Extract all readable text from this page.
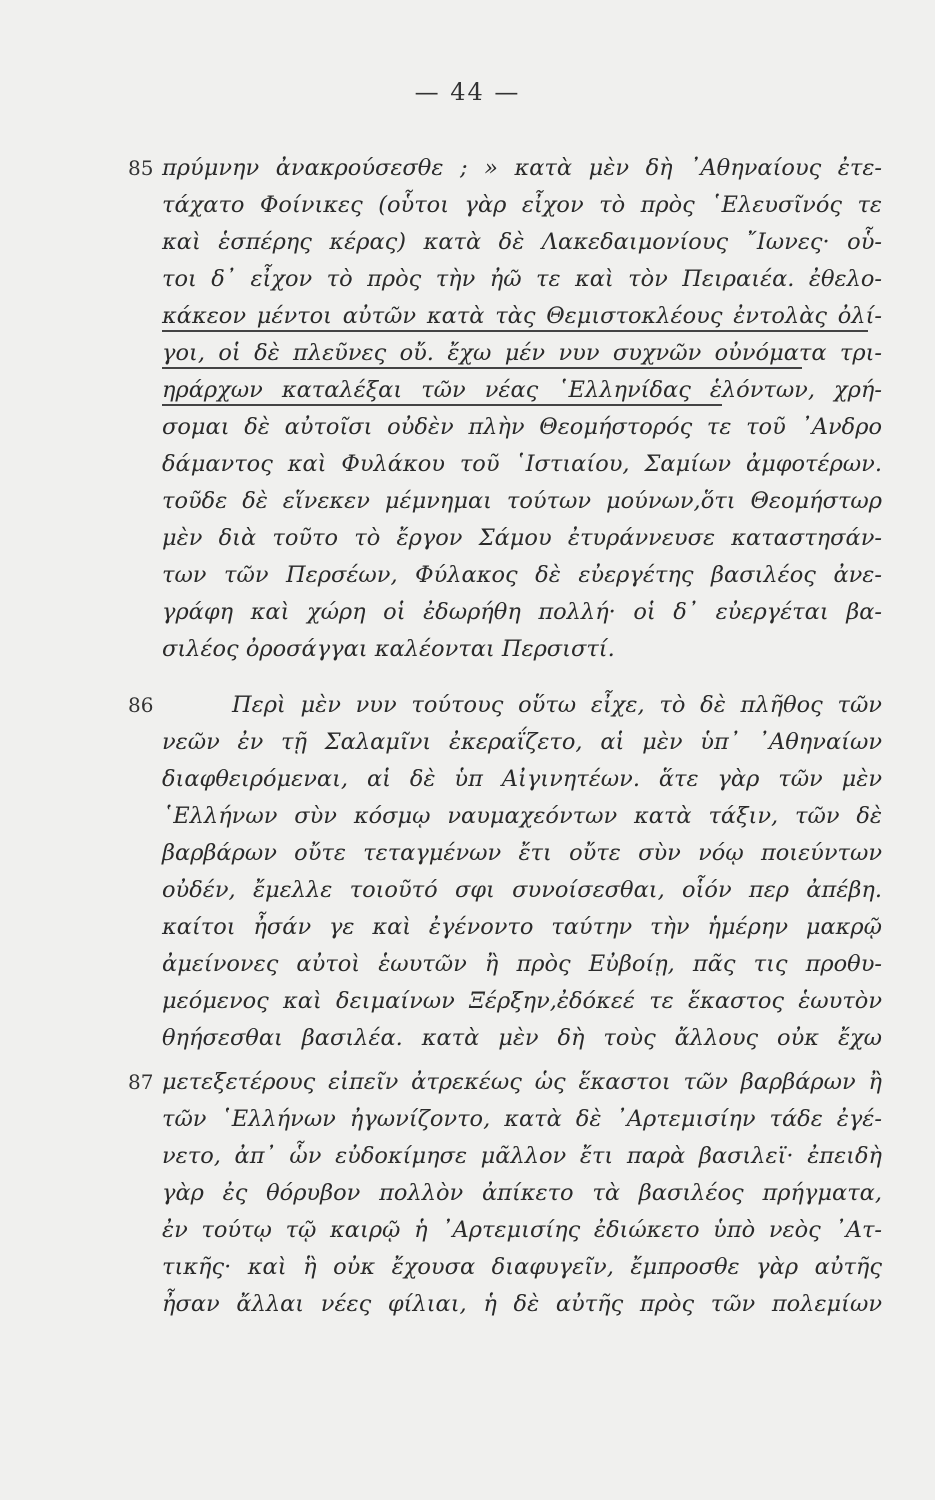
— 44 —
85
86
87
πρύμνην ἀνακρούσεσθε ; » κατὰ μὲν δὴ ᾽Αθηναίους ἐτε-
τάχατο Φοίνικες (οὗτοι γὰρ εἶχον τὸ πρὸς ῾Ελευσῖνός τε
καὶ ἑσπέρης κέρας) κατὰ δὲ Λακεδαιμονίους ῎Ιωνες· οὗ-
τοι δ᾽ εἶχον τὸ πρὸς τὴν ἠῶ τε καὶ τὸν Πειραιέα. ἐθελο-
κάκεον μέντοι αὐτῶν κατὰ τὰς Θεμιστοκλέους ἐντολὰς ὀλί-
γοι, οἱ δὲ πλεῦνες οὔ. ἔχω μέν νυν συχνῶν οὐνόματα τρι-
ηράρχων καταλέξαι τῶν νέας ῾Ελληνίδας ἑλόντων, χρή-
σομαι δὲ αὐτοῖσι οὐδὲν πλὴν Θεομήστορός τε τοῦ ᾽Ανδρο
δάμαντος καὶ Φυλάκου τοῦ ῾Ιστιαίου, Σαμίων ἀμφοτέρων.
τοῦδε δὲ εἵνεκεν μέμνημαι τούτων μούνων,ὅτι Θεομήστωρ
μὲν διὰ τοῦτο τὸ ἔργον Σάμου ἐτυράννευσε καταστησάν-
των τῶν Περσέων, Φύλακος δὲ εὐεργέτης βασιλέος ἀνε-
γράφη καὶ χώρη οἱ ἐδωρήθη πολλή· οἱ δ᾽ εὐεργέται βα-
σιλέος ὀροσάγγαι καλέονται Περσιστί.
Περὶ μὲν νυν τούτους οὕτω εἶχε, τὸ δὲ πλῆθος τῶν
νεῶν ἐν τῇ Σαλαμῖνι ἐκεραΐζετο, αἱ μὲν ὑπ᾽ ᾽Αθηναίων
διαφθειρόμεναι, αἱ δὲ ὑπ Αἰγινητέων. ἅτε γὰρ τῶν μὲν
῾Ελλήνων σὺν κόσμῳ ναυμαχεόντων κατὰ τάξιν, τῶν δὲ
βαρβάρων οὔτε τεταγμένων ἔτι οὔτε σὺν νόῳ ποιεύντων
οὐδέν, ἔμελλε τοιοῦτό σφι συνοίσεσθαι, οἷόν περ ἀπέβη.
καίτοι ἦσάν γε καὶ ἐγένοντο ταύτην τὴν ἡμέρην μακρῷ
ἀμείνονες αὐτοὶ ἑωυτῶν ἢ πρὸς Εὐβοίῃ, πᾶς τις προθυ-
μεόμενος καὶ δειμαίνων Ξέρξην,ἐδόκεέ τε ἕκαστος ἑωυτὸν
θηήσεσθαι βασιλέα. κατὰ μὲν δὴ τοὺς ἄλλους οὐκ ἔχω
μετεξετέρους εἰπεῖν ἀτρεκέως ὡς ἕκαστοι τῶν βαρβάρων ἢ
τῶν ῾Ελλήνων ἠγωνίζοντο, κατὰ δὲ ᾽Αρτεμισίην τάδε ἐγέ-
νετο, ἀπ᾽ ὧν εὐδοκίμησε μᾶλλον ἔτι παρὰ βασιλεϊ· ἐπειδὴ
γὰρ ἐς θόρυβον πολλὸν ἀπίκετο τὰ βασιλέος πρήγματα,
ἐν τούτῳ τῷ καιρῷ ἡ ᾽Αρτεμισίης ἐδιώκετο ὑπὸ νεὸς ᾽Ατ-
τικῆς· καὶ ἣ οὐκ ἔχουσα διαφυγεῖν, ἔμπροσθε γὰρ αὐτῆς
ἦσαν ἄλλαι νέες φίλιαι, ἡ δὲ αὐτῆς πρὸς τῶν πολεμίων
